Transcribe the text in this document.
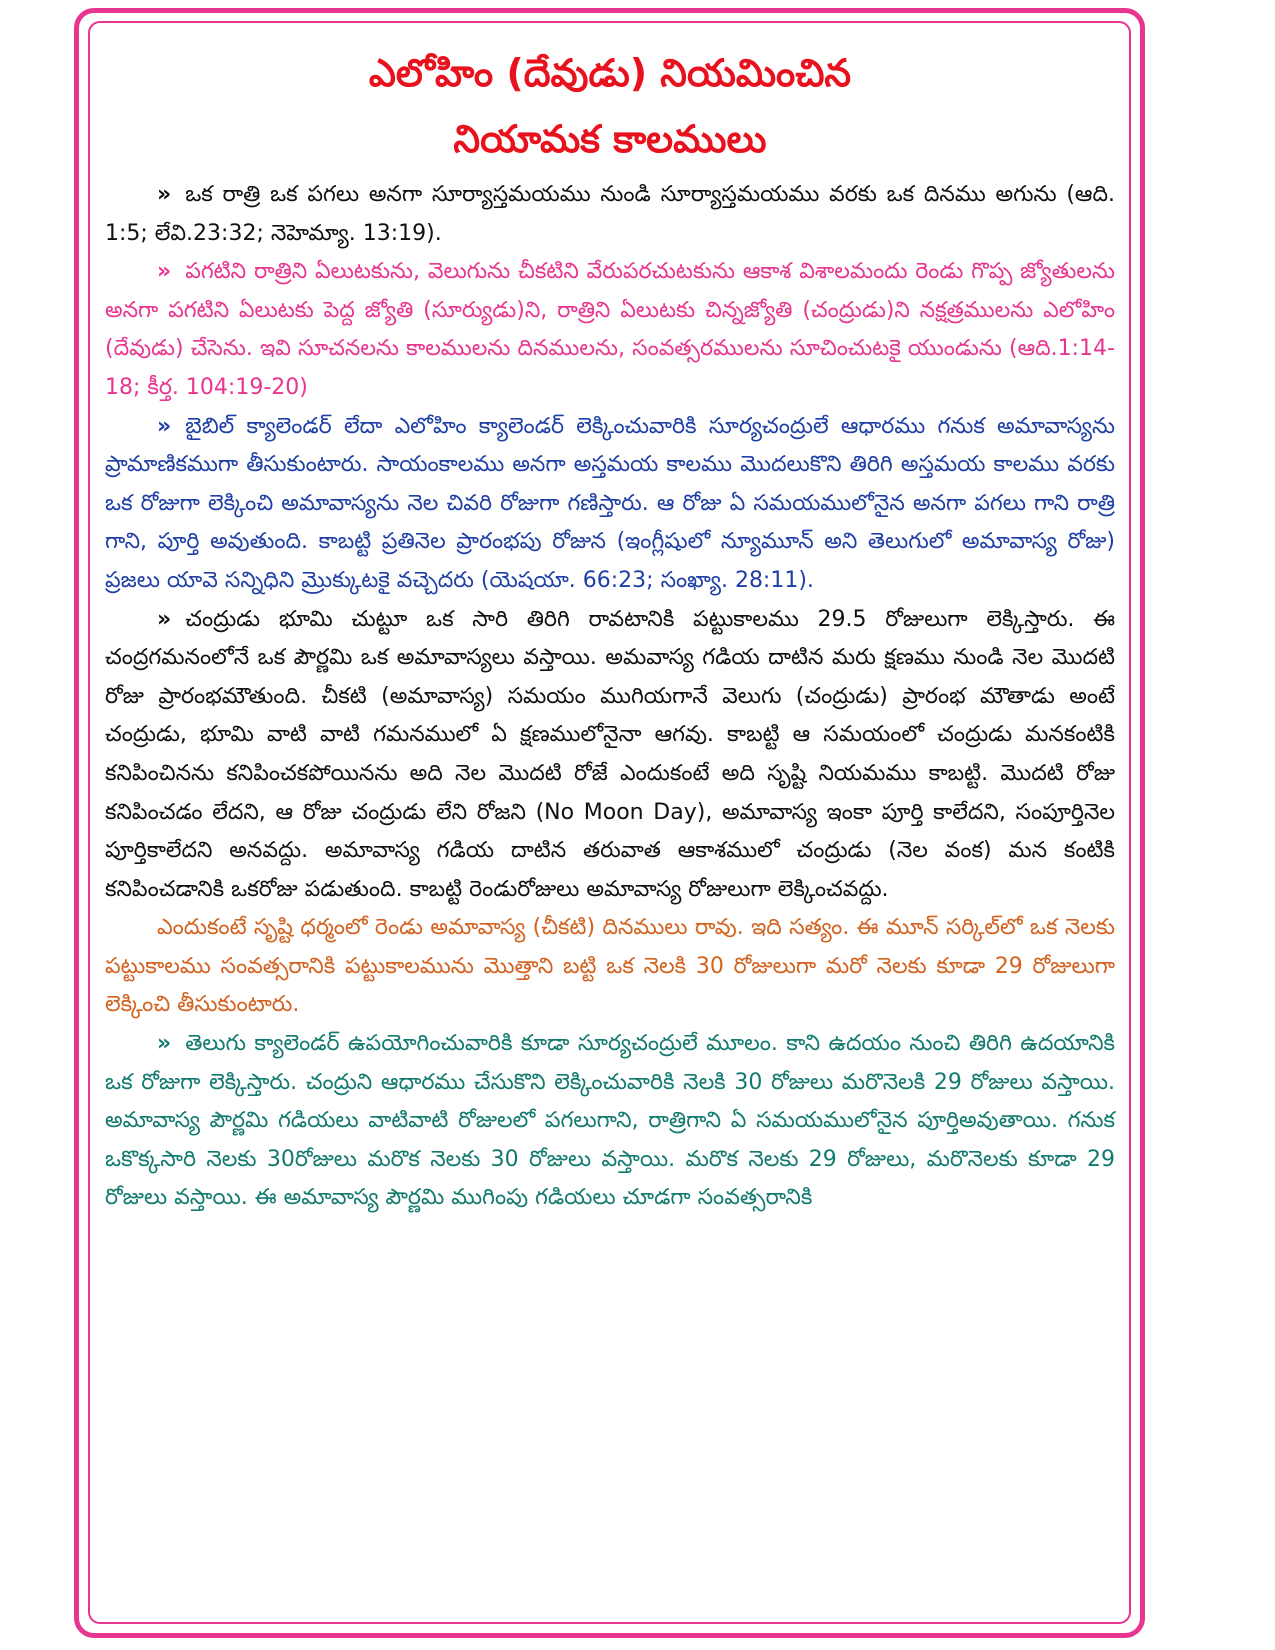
ఎలోహిం (దేవుడు) నియమించిన
నియామక కాలములు

» ఒక రాత్రి ఒక పగలు అనగా సూర్యాస్తమయము నుండి సూర్యాస్తమయము వరకు ఒక దినము అగును (ఆది. 1:5; లేవి.23:32; నెహెమ్యా. 13:19).

» పగటిని రాత్రిని ఏలుటకును, వెలుగును చీకటిని వేరుపరచుటకును ఆకాశ విశాలమందు రెండు గొప్ప జ్యోతులను అనగా పగటిని ఏలుటకు పెద్ద జ్యోతి (సూర్యుడు)ని, రాత్రిని ఏలుటకు చిన్నజ్యోతి (చంద్రుడు)ని నక్షత్రములను ఎలోహిం (దేవుడు) చేసెను. ఇవి సూచనలను కాలములను దినములను, సంవత్సరములను సూచించుటకై యుండును (ఆది.1:14-18; కీర్త. 104:19-20)

» బైబిల్ క్యాలెండర్ లేదా ఎలోహిం క్యాలెండర్ లెక్కించువారికి సూర్యచంద్రులే ఆధారము గనుక అమావాస్యను ప్రామాణికముగా తీసుకుంటారు. సాయంకాలము అనగా అస్తమయ కాలము మొదలుకొని తిరిగి అస్తమయ కాలము వరకు ఒక రోజుగా లెక్కించి అమావాస్యను నెల చివరి రోజుగా గణిస్తారు. ఆ రోజు ఏ సమయములోనైన అనగా పగలు గాని రాత్రి గాని, పూర్తి అవుతుంది. కాబట్టి ప్రతినెల ప్రారంభపు రోజున (ఇంగ్లీషులో న్యూమూన్ అని తెలుగులో అమావాస్య రోజు) ప్రజలు యావె సన్నిధిని మ్రొక్కుటకై వచ్చెదరు (యెషయా. 66:23; సంఖ్యా. 28:11).

» చంద్రుడు భూమి చుట్టూ ఒక సారి తిరిగి రావటానికి పట్టుకాలము 29.5 రోజులుగా లెక్కిస్తారు. ఈ చంద్రగమనంలోనే ఒక పౌర్ణమి ఒక అమావాస్యలు వస్తాయి. అమవాస్య గడియ దాటిన మరు క్షణము నుండి నెల మొదటి రోజు ప్రారంభమౌతుంది. చీకటి (అమావాస్య) సమయం ముగియగానే వెలుగు (చంద్రుడు) ప్రారంభ మౌతాడు అంటే చంద్రుడు, భూమి వాటి వాటి గమనములో ఏ క్షణములోనైనా ఆగవు. కాబట్టి ఆ సమయంలో చంద్రుడు మనకంటికి కనిపించినను కనిపించకపోయినను అది నెల మొదటి రోజే ఎందుకంటే అది సృష్టి నియమము కాబట్టి. మొదటి రోజు కనిపించడం లేదని, ఆ రోజు చంద్రుడు లేని రోజని (No Moon Day), అమావాస్య ఇంకా పూర్తి కాలేదని, సంపూర్తినెల పూర్తికాలేదని అనవద్దు. అమావాస్య గడియ దాటిన తరువాత ఆకాశములో చంద్రుడు (నెల వంక) మన కంటికి కనిపించడానికి ఒకరోజు పడుతుంది. కాబట్టి రెండురోజులు అమావాస్య రోజులుగా లెక్కించవద్దు.

ఎందుకంటే సృష్టి ధర్మంలో రెండు అమావాస్య (చీకటి) దినములు రావు. ఇది సత్యం. ఈ మూన్ సర్కిల్‌లో ఒక నెలకు పట్టుకాలము సంవత్సరానికి పట్టుకాలమును మొత్తాని బట్టి ఒక నెలకి 30 రోజులుగా మరో నెలకు కూడా 29 రోజులుగా లెక్కించి తీసుకుంటారు.

» తెలుగు క్యాలెండర్ ఉపయోగించువారికి కూడా సూర్యచంద్రులే మూలం. కాని ఉదయం నుంచి తిరిగి ఉదయానికి ఒక రోజుగా లెక్కిస్తారు. చంద్రుని ఆధారము చేసుకొని లెక్కించువారికి నెలకి 30 రోజులు మరొనెలకి 29 రోజులు వస్తాయి. అమావాస్య పౌర్ణమి గడియలు వాటివాటి రోజులలో పగలుగాని, రాత్రిగాని ఏ సమయములోనైన పూర్తిఅవుతాయి. గనుక ఒకొక్కసారి నెలకు 30రోజులు మరొక నెలకు 30 రోజులు వస్తాయి. మరొక నెలకు 29 రోజులు, మరొనెలకు కూడా 29 రోజులు వస్తాయి. ఈ అమావాస్య పౌర్ణమి ముగింపు గడియలు చూడగా సంవత్సరానికి
